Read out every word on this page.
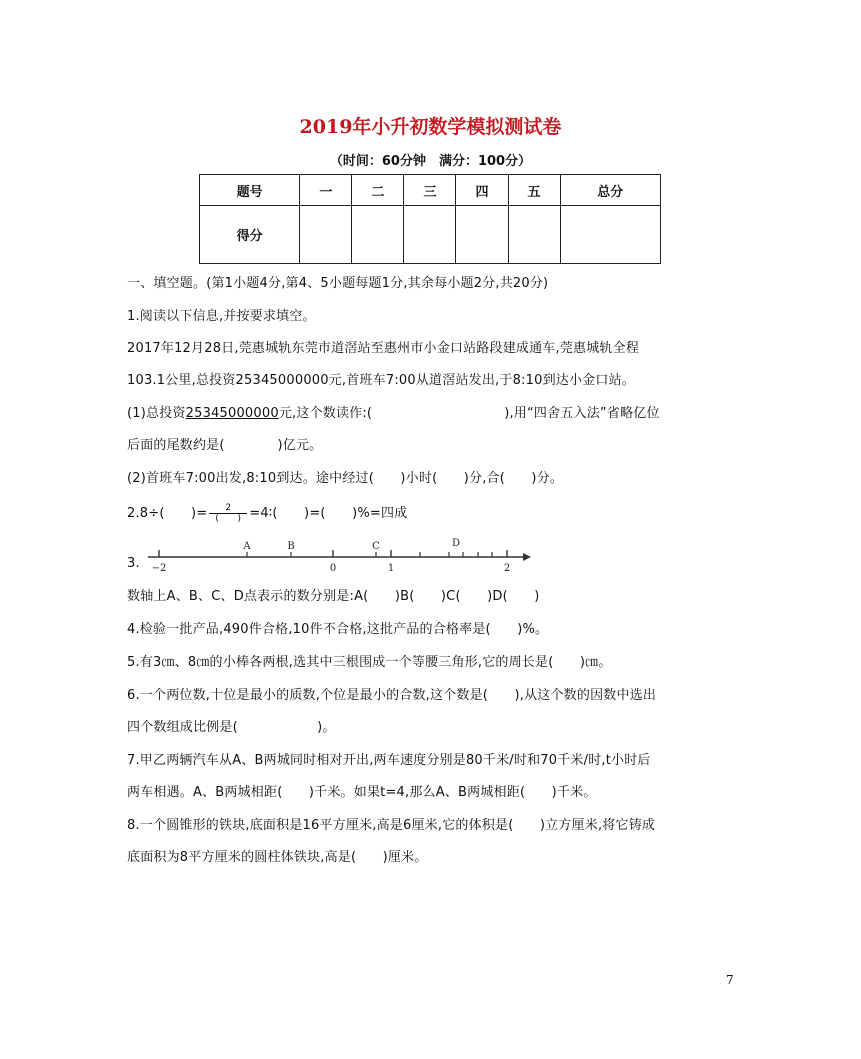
2019年小升初数学模拟测试卷
（时间：60分钟　满分：100分）
题号	一	二	三	四	五	总分
得分						
一、填空题。(第1小题4分,第4、5小题每题1分,其余每小题2分,共20分)
1.阅读以下信息,并按要求填空。
2017年12月28日,莞惠城轨东莞市道滘站至惠州市小金口站路段建成通车,莞惠城轨全程
103.1公里,总投资25345000000元,首班车7:00从道滘站发出,于8:10到达小金口站。
(1)总投资25345000000元,这个数读作:(　　　　　　　　　　),用“四舍五入法”省略亿位
后面的尾数约是(　　　　)亿元。
(2)首班车7:00出发,8:10到达。途中经过(　　)小时(　　)分,合(　　)分。
2.8÷(　　)= $\frac{2}{( )}$ =4∶(　　)=(　　)%=四成
3.
A	B	C	D
−2	0	1	2
数轴上A、B、C、D点表示的数分别是:A(　　)B(　　)C(　　)D(　　)
4.检验一批产品,490件合格,10件不合格,这批产品的合格率是(　　)%。
5.有3㎝、8㎝的小棒各两根,选其中三根围成一个等腰三角形,它的周长是(　　)㎝。
6.一个两位数,十位是最小的质数,个位是最小的合数,这个数是(　　),从这个数的因数中选出
四个数组成比例是(　　　　　　)。
7.甲乙两辆汽车从A、B两城同时相对开出,两车速度分别是80千米/时和70千米/时,t小时后
两车相遇。A、B两城相距(　　)千米。如果t=4,那么A、B两城相距(　　)千米。
8.一个圆锥形的铁块,底面积是16平方厘米,高是6厘米,它的体积是(　　)立方厘米,将它铸成
底面积为8平方厘米的圆柱体铁块,高是(　　)厘米。
7
